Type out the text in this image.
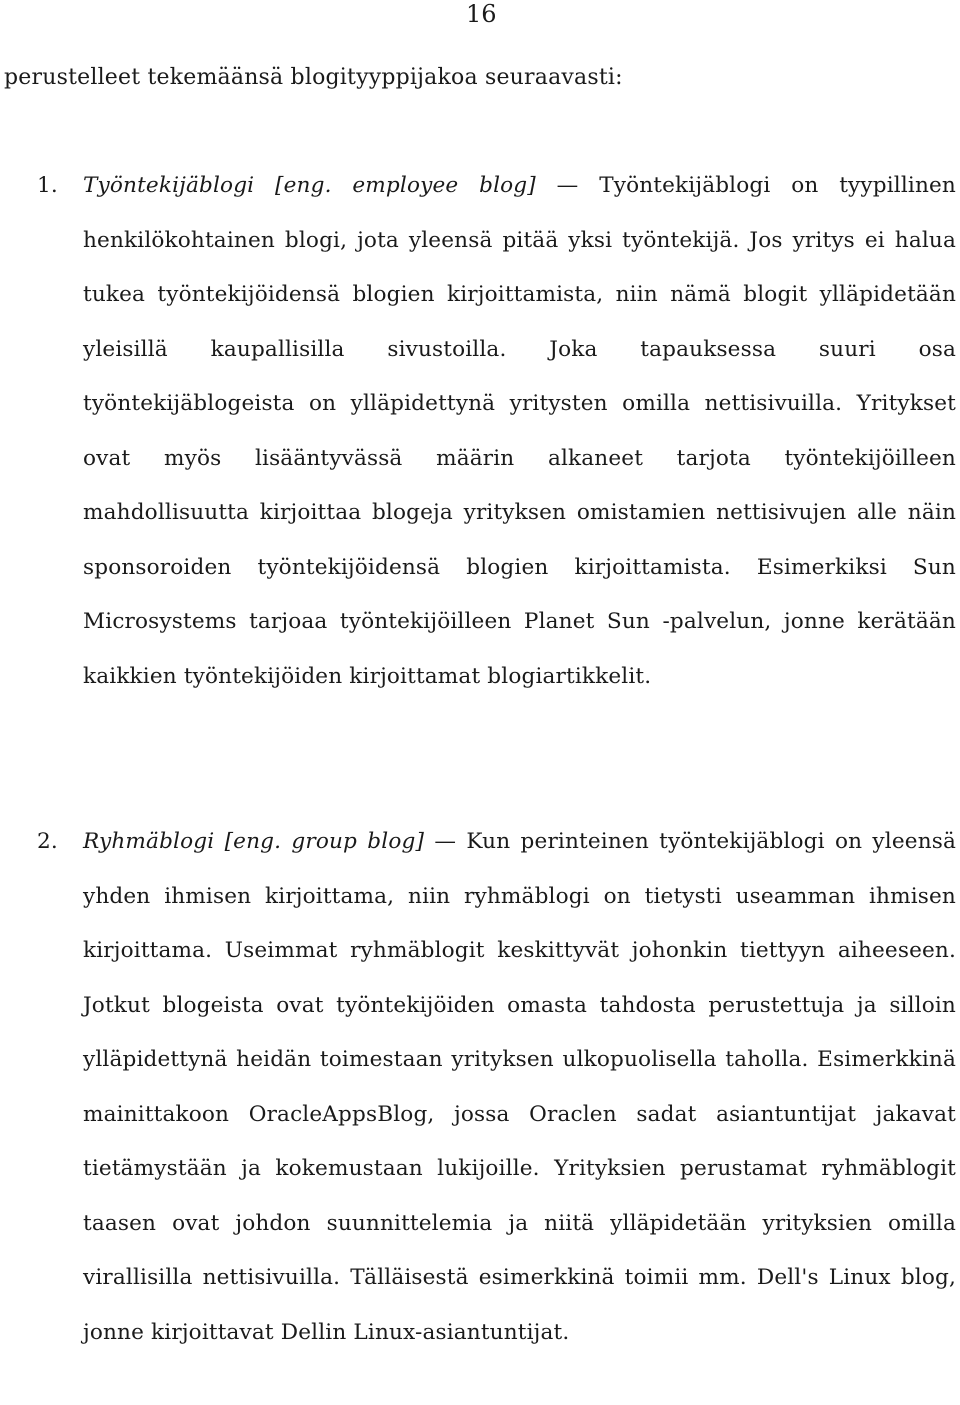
16
perustelleet tekemäänsä blogityyppijakoa seuraavasti:
1. Työntekijäblogi [eng. employee blog] — Työntekijäblogi on tyypillinen henkilökohtainen blogi, jota yleensä pitää yksi työntekijä. Jos yritys ei halua tukea työntekijöidensä blogien kirjoittamista, niin nämä blogit ylläpidetään yleisillä kaupallisilla sivustoilla. Joka tapauksessa suuri osa työntekijäblogeista on ylläpidettynä yritysten omilla nettisivuilla. Yritykset ovat myös lisääntyvässä määrin alkaneet tarjota työntekijöilleen mahdollisuutta kirjoittaa blogeja yrityksen omistamien nettisivujen alle näin sponsoroiden työntekijöidensä blogien kirjoittamista. Esimerkiksi Sun Microsystems tarjoaa työntekijöilleen Planet Sun -palvelun, jonne kerätään kaikkien työntekijöiden kirjoittamat blogiartikkelit.
2. Ryhmäblogi [eng. group blog] — Kun perinteinen työntekijäblogi on yleensä yhden ihmisen kirjoittama, niin ryhmäblogi on tietysti useamman ihmisen kirjoittama. Useimmat ryhmäblogit keskittyvät johonkin tiettyyn aiheeseen. Jotkut blogeista ovat työntekijöiden omasta tahdosta perustettuja ja silloin ylläpidettynä heidän toimestaan yrityksen ulkopuolisella taholla. Esimerkkinä mainittakoon OracleAppsBlog, jossa Oraclen sadat asiantuntijat jakavat tietämystään ja kokemustaan lukijoille. Yrityksien perustamat ryhmäblogit taasen ovat johdon suunnittelemia ja niitä ylläpidetään yrityksien omilla virallisilla nettisivuilla. Tälläisestä esimerkkinä toimii mm. Dell's Linux blog, jonne kirjoittavat Dellin Linux-asiantuntijat.
